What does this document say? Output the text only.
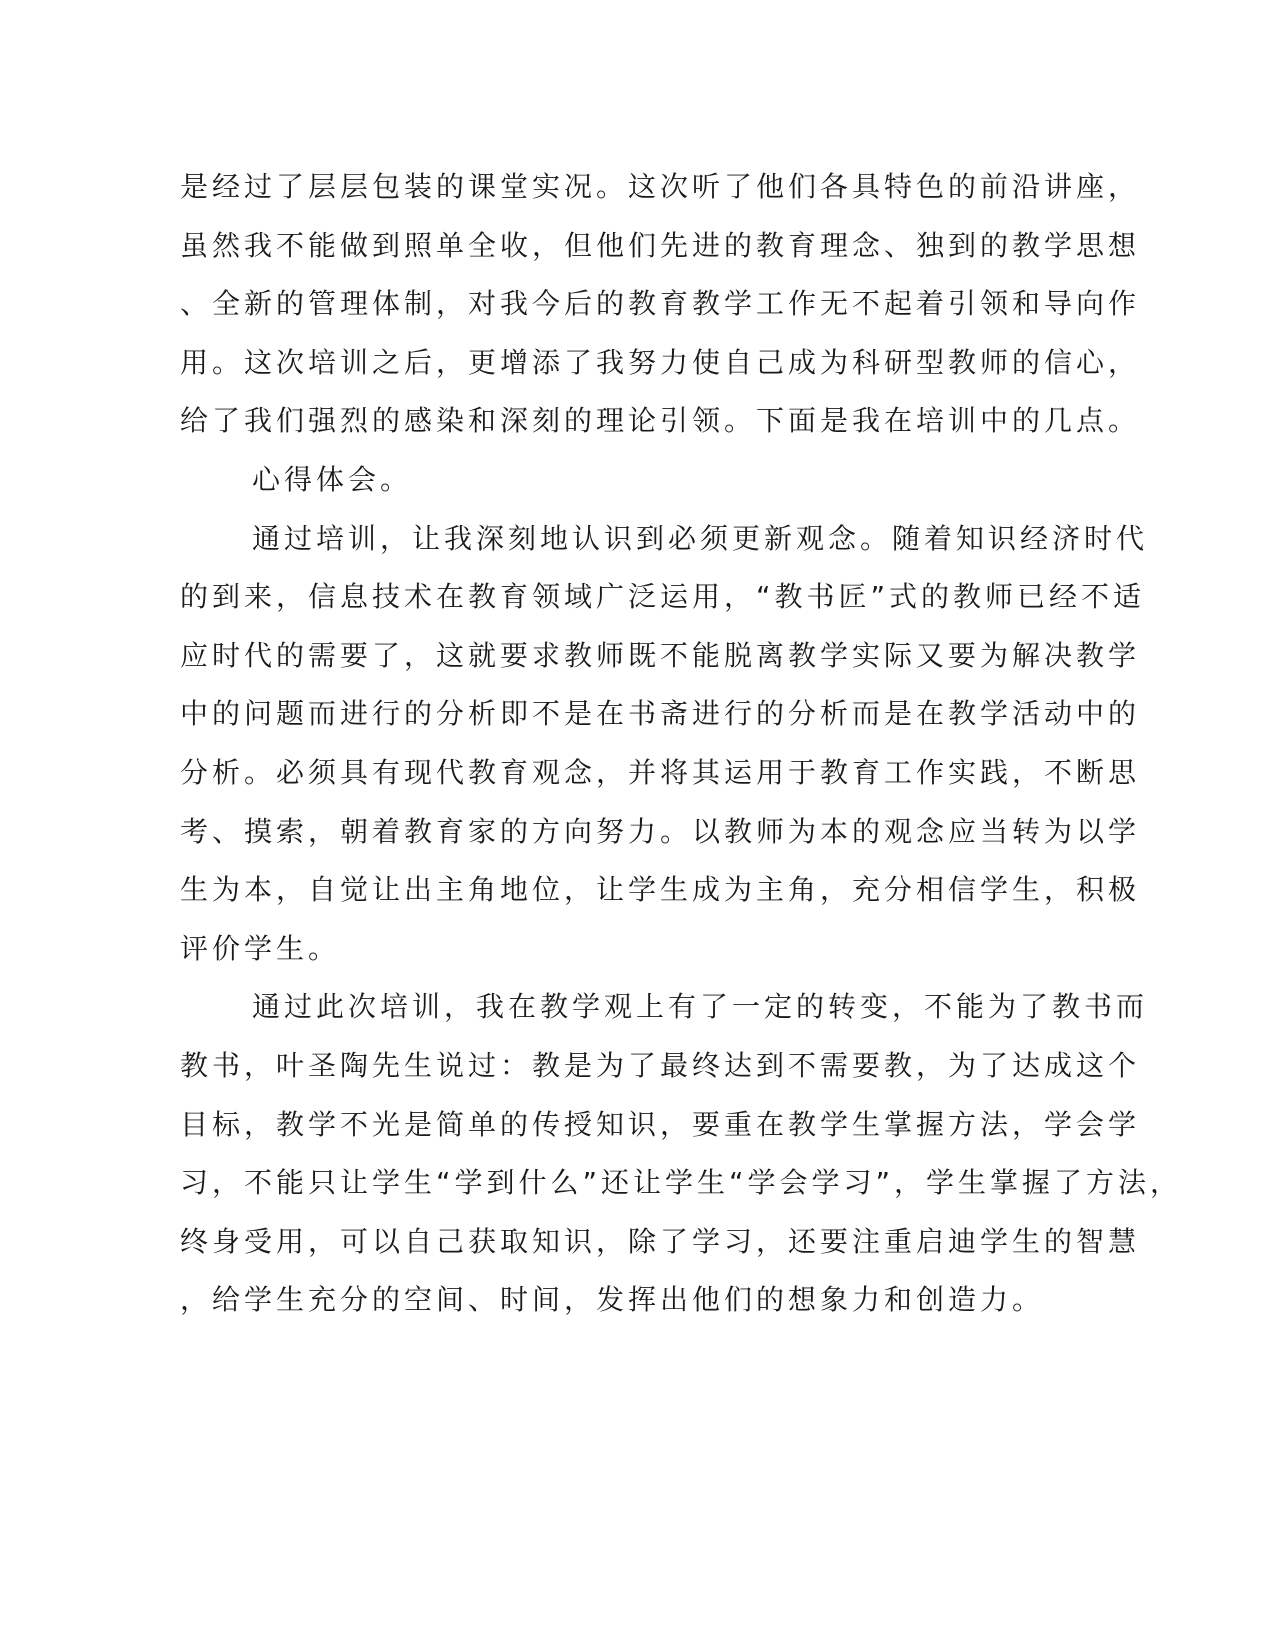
是经过了层层包装的课堂实况。这次听了他们各具特色的前沿讲座，
虽然我不能做到照单全收，但他们先进的教育理念、独到的教学思想
、全新的管理体制，对我今后的教育教学工作无不起着引领和导向作
用。这次培训之后，更增添了我努力使自己成为科研型教师的信心，
给了我们强烈的感染和深刻的理论引领。下面是我在培训中的几点。
心得体会。
通过培训，让我深刻地认识到必须更新观念。随着知识经济时代
的到来，信息技术在教育领域广泛运用，“教书匠”式的教师已经不适
应时代的需要了，这就要求教师既不能脱离教学实际又要为解决教学
中的问题而进行的分析即不是在书斋进行的分析而是在教学活动中的
分析。必须具有现代教育观念，并将其运用于教育工作实践，不断思
考、摸索，朝着教育家的方向努力。以教师为本的观念应当转为以学
生为本，自觉让出主角地位，让学生成为主角，充分相信学生，积极
评价学生。
通过此次培训，我在教学观上有了一定的转变，不能为了教书而
教书，叶圣陶先生说过：教是为了最终达到不需要教，为了达成这个
目标，教学不光是简单的传授知识，要重在教学生掌握方法，学会学
习，不能只让学生“学到什么”还让学生“学会学习”，学生掌握了方法，
终身受用，可以自己获取知识，除了学习，还要注重启迪学生的智慧
，给学生充分的空间、时间，发挥出他们的想象力和创造力。
